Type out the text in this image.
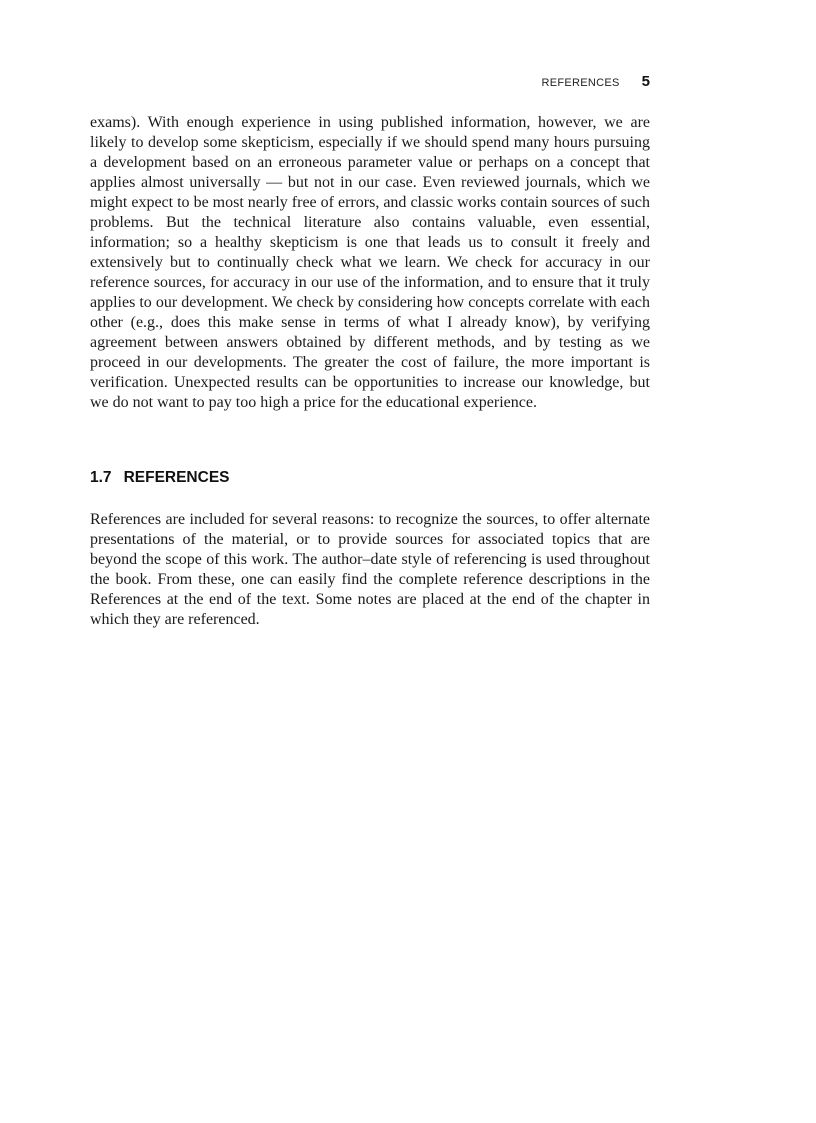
REFERENCES 5

exams). With enough experience in using published information, however, we are likely to develop some skepticism, especially if we should spend many hours pursuing a development based on an erroneous parameter value or perhaps on a concept that applies almost universally — but not in our case. Even reviewed journals, which we might expect to be most nearly free of errors, and classic works contain sources of such problems. But the technical literature also contains valuable, even essential, information; so a healthy skepticism is one that leads us to consult it freely and extensively but to continually check what we learn. We check for accuracy in our reference sources, for accuracy in our use of the information, and to ensure that it truly applies to our development. We check by considering how concepts correlate with each other (e.g., does this make sense in terms of what I already know), by verifying agreement between answers obtained by different methods, and by testing as we proceed in our developments. The greater the cost of failure, the more important is verification. Unexpected results can be opportunities to increase our knowledge, but we do not want to pay too high a price for the educational experience.

1.7 REFERENCES

References are included for several reasons: to recognize the sources, to offer alternate presentations of the material, or to provide sources for associated topics that are beyond the scope of this work. The author–date style of referencing is used throughout the book. From these, one can easily find the complete reference descriptions in the References at the end of the text. Some notes are placed at the end of the chapter in which they are referenced.
